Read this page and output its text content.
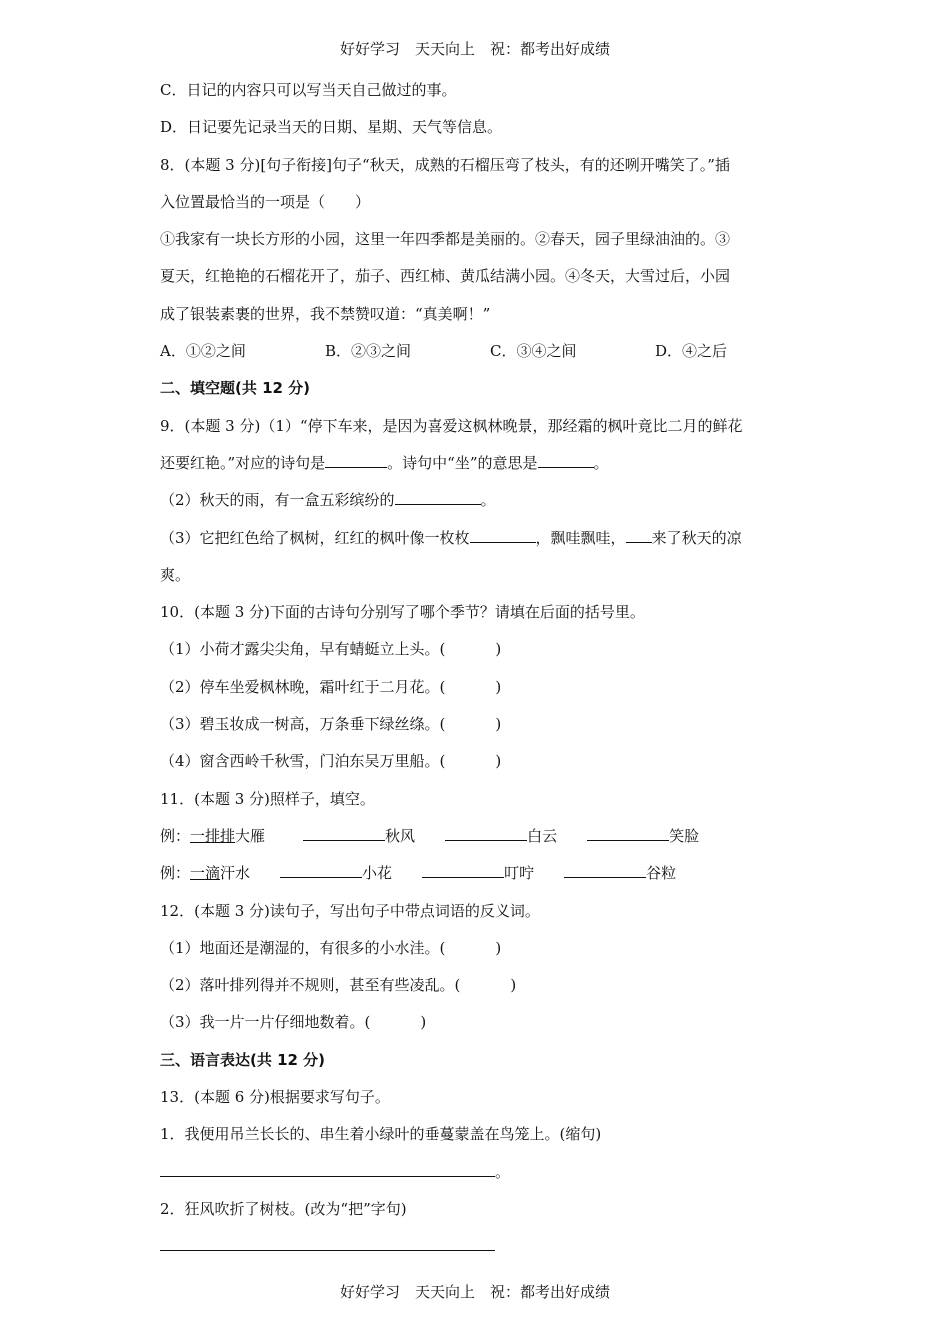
好好学习　天天向上　祝：都考出好成绩
C．日记的内容只可以写当天自己做过的事。
D．日记要先记录当天的日期、星期、天气等信息。
8．(本题 3 分)[句子衔接]句子“秋天，成熟的石榴压弯了枝头，有的还咧开嘴笑了。”插
入位置最恰当的一项是（　　）
①我家有一块长方形的小园，这里一年四季都是美丽的。②春天，园子里绿油油的。③
夏天，红艳艳的石榴花开了，茄子、西红柿、黄瓜结满小园。④冬天，大雪过后，小园
成了银装素裹的世界，我不禁赞叹道：“真美啊！”
A．①②之间	B．②③之间	C．③④之间	D．④之后
二、填空题(共 12 分)
9．(本题 3 分)（1）“停下车来，是因为喜爱这枫林晚景，那经霜的枫叶竟比二月的鲜花
还要红艳。”对应的诗句是	。诗句中“坐”的意思是	。
（2）秋天的雨，有一盒五彩缤纷的	。
（3）它把红色给了枫树，红红的枫叶像一枚枚	，飘哇飘哇， 来了秋天的凉
爽。
10．(本题 3 分)下面的古诗句分别写了哪个季节？请填在后面的括号里。
（1）小荷才露尖尖角，早有蜻蜓立上头。(	)
（2）停车坐爱枫林晚，霜叶红于二月花。(	)
（3）碧玉妆成一树高，万条垂下绿丝绦。(	)
（4）窗含西岭千秋雪，门泊东吴万里船。(	)
11．(本题 3 分)照样子，填空。
例：一排排大雁	秋风	白云	笑脸
例：一滴汗水	小花	叮咛	谷粒
12．(本题 3 分)读句子，写出句子中带点词语的反义词。
（1）地面还是潮湿的，有很多的小水洼。(	)
（2）落叶排列得并不规则，甚至有些凌乱。(	)
（3）我一片一片仔细地数着。(	)
三、语言表达(共 12 分)
13．(本题 6 分)根据要求写句子。
1．我便用吊兰长长的、串生着小绿叶的垂蔓蒙盖在鸟笼上。(缩句)
。
2．狂风吹折了树枝。(改为“把”字句)
好好学习　天天向上　祝：都考出好成绩
